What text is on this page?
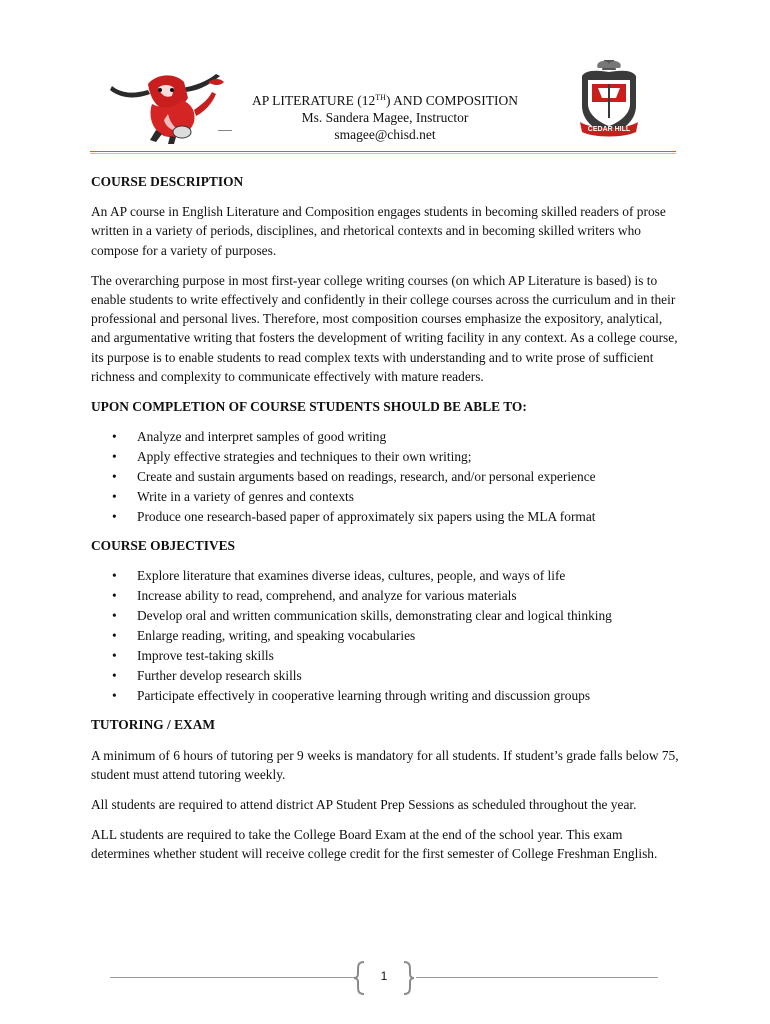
AP LITERATURE (12TH) AND COMPOSITION
Ms. Sandera Magee, Instructor
smagee@chisd.net	CEDAR HILL
COURSE DESCRIPTION

An AP course in English Literature and Composition engages students in becoming skilled readers of prose written in a variety of periods, disciplines, and rhetorical contexts and in becoming skilled writers who compose for a variety of purposes.

The overarching purpose in most first-year college writing courses (on which AP Literature is based) is to enable students to write effectively and confidently in their college courses across the curriculum and in their professional and personal lives. Therefore, most composition courses emphasize the expository, analytical, and argumentative writing that fosters the development of writing facility in any context. As a college course, its purpose is to enable students to read complex texts with understanding and to write prose of sufficient richness and complexity to communicate effectively with mature readers.

UPON COMPLETION OF COURSE STUDENTS SHOULD BE ABLE TO:
• Analyze and interpret samples of good writing
• Apply effective strategies and techniques to their own writing;
• Create and sustain arguments based on readings, research, and/or personal experience
• Write in a variety of genres and contexts
• Produce one research-based paper of approximately six papers using the MLA format
COURSE OBJECTIVES
• Explore literature that examines diverse ideas, cultures, people, and ways of life
• Increase ability to read, comprehend, and analyze for various materials
• Develop oral and written communication skills, demonstrating clear and logical thinking
• Enlarge reading, writing, and speaking vocabularies
• Improve test-taking skills
• Further develop research skills
• Participate effectively in cooperative learning through writing and discussion groups
TUTORING / EXAM

A minimum of 6 hours of tutoring per 9 weeks is mandatory for all students. If student’s grade falls below 75, student must attend tutoring weekly.

All students are required to attend district AP Student Prep Sessions as scheduled throughout the year.

ALL students are required to take the College Board Exam at the end of the school year. This exam determines whether student will receive college credit for the first semester of College Freshman English.

1
